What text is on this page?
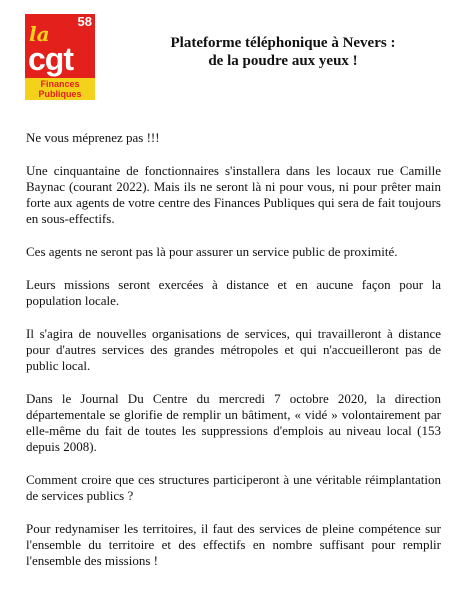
58
la
cgt
Finances
Publiques
Plateforme téléphonique à Nevers :
de la poudre aux yeux !

Ne vous méprenez pas !!!

Une cinquantaine de fonctionnaires s'installera dans les locaux rue Camille Baynac (courant 2022). Mais ils ne seront là ni pour vous, ni pour prêter main forte aux agents de votre centre des Finances Publiques qui sera de fait toujours en sous-effectifs.

Ces agents ne seront pas là pour assurer un service public de proximité.

Leurs missions seront exercées à distance et en aucune façon pour la population locale.

Il s'agira de nouvelles organisations de services, qui travailleront à distance pour d'autres services des grandes métropoles et qui n'accueilleront pas de public local.

Dans le Journal Du Centre du mercredi 7 octobre 2020, la direction départementale se glorifie de remplir un bâtiment, « vidé » volontairement par elle-même du fait de toutes les suppressions d'emplois au niveau local (153 depuis 2008).

Comment croire que ces structures participeront à une véritable réimplantation de services publics ?

Pour redynamiser les territoires, il faut des services de pleine compétence sur l'ensemble du territoire et des effectifs en nombre suffisant pour remplir l'ensemble des missions !
